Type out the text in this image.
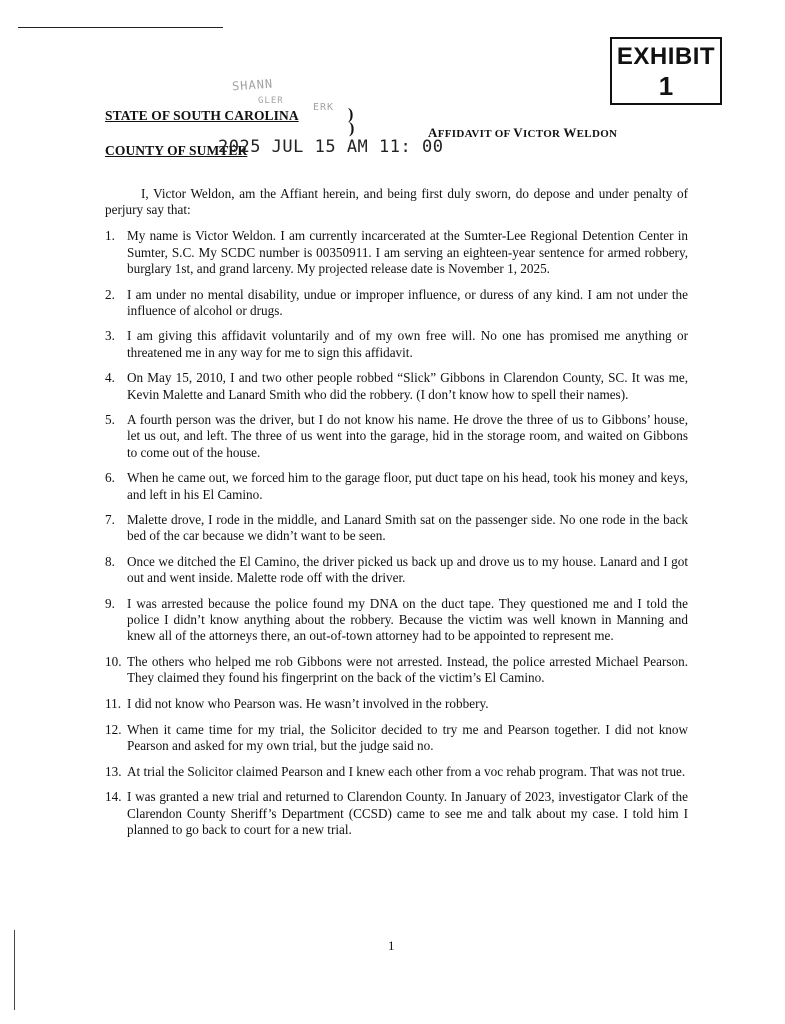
EXHIBIT
1
SHANN
GLER
ERK
STATE OF SOUTH CAROLINA	)
)
COUNTY OF SUMTER
2025 JUL 15 AM 11: 00
AFFIDAVIT OF VICTOR WELDON

I, Victor Weldon, am the Affiant herein, and being first duly sworn, do depose and under penalty of perjury say that:

1. My name is Victor Weldon. I am currently incarcerated at the Sumter-Lee Regional Detention Center in Sumter, S.C. My SCDC number is 00350911. I am serving an eighteen-year sentence for armed robbery, burglary 1st, and grand larceny. My projected release date is November 1, 2025.
2. I am under no mental disability, undue or improper influence, or duress of any kind. I am not under the influence of alcohol or drugs.
3. I am giving this affidavit voluntarily and of my own free will. No one has promised me anything or threatened me in any way for me to sign this affidavit.
4. On May 15, 2010, I and two other people robbed “Slick” Gibbons in Clarendon County, SC. It was me, Kevin Malette and Lanard Smith who did the robbery. (I don’t know how to spell their names).
5. A fourth person was the driver, but I do not know his name. He drove the three of us to Gibbons’ house, let us out, and left. The three of us went into the garage, hid in the storage room, and waited on Gibbons to come out of the house.
6. When he came out, we forced him to the garage floor, put duct tape on his head, took his money and keys, and left in his El Camino.
7. Malette drove, I rode in the middle, and Lanard Smith sat on the passenger side. No one rode in the back bed of the car because we didn’t want to be seen.
8. Once we ditched the El Camino, the driver picked us back up and drove us to my house. Lanard and I got out and went inside. Malette rode off with the driver.
9. I was arrested because the police found my DNA on the duct tape. They questioned me and I told the police I didn’t know anything about the robbery. Because the victim was well known in Manning and knew all of the attorneys there, an out-of-town attorney had to be appointed to represent me.
10. The others who helped me rob Gibbons were not arrested. Instead, the police arrested Michael Pearson. They claimed they found his fingerprint on the back of the victim’s El Camino.
11. I did not know who Pearson was. He wasn’t involved in the robbery.
12. When it came time for my trial, the Solicitor decided to try me and Pearson together. I did not know Pearson and asked for my own trial, but the judge said no.
13. At trial the Solicitor claimed Pearson and I knew each other from a voc rehab program. That was not true.
14. I was granted a new trial and returned to Clarendon County. In January of 2023, investigator Clark of the Clarendon County Sheriff’s Department (CCSD) came to see me and talk about my case. I told him I planned to go back to court for a new trial.
1
